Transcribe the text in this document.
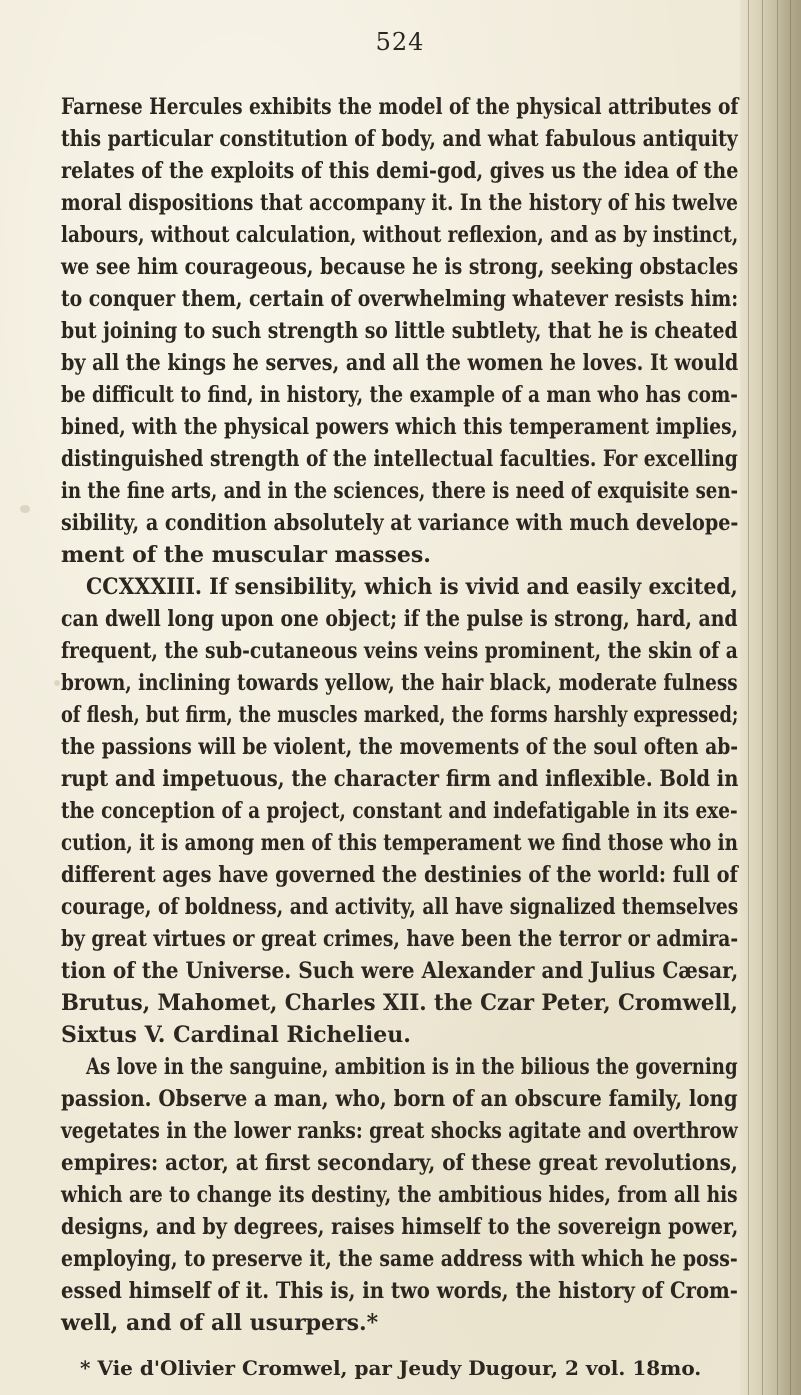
524
Farnese Hercules exhibits the model of the physical attributes of
this particular constitution of body, and what fabulous antiquity
relates of the exploits of this demi-god, gives us the idea of the
moral dispositions that accompany it. In the history of his twelve
labours, without calculation, without reflexion, and as by instinct,
we see him courageous, because he is strong, seeking obstacles
to conquer them, certain of overwhelming whatever resists him:
but joining to such strength so little subtlety, that he is cheated
by all the kings he serves, and all the women he loves. It would
be difficult to find, in history, the example of a man who has com-
bined, with the physical powers which this temperament implies,
distinguished strength of the intellectual faculties. For excelling
in the fine arts, and in the sciences, there is need of exquisite sen-
sibility, a condition absolutely at variance with much develope-
ment of the muscular masses.
CCXXXIII. If sensibility, which is vivid and easily excited,
can dwell long upon one object; if the pulse is strong, hard, and
frequent, the sub-cutaneous veins veins prominent, the skin of a
brown, inclining towards yellow, the hair black, moderate fulness
of flesh, but firm, the muscles marked, the forms harshly expressed;
the passions will be violent, the movements of the soul often ab-
rupt and impetuous, the character firm and inflexible. Bold in
the conception of a project, constant and indefatigable in its exe-
cution, it is among men of this temperament we find those who in
different ages have governed the destinies of the world: full of
courage, of boldness, and activity, all have signalized themselves
by great virtues or great crimes, have been the terror or admira-
tion of the Universe. Such were Alexander and Julius Cæsar,
Brutus, Mahomet, Charles XII. the Czar Peter, Cromwell,
Sixtus V. Cardinal Richelieu.
As love in the sanguine, ambition is in the bilious the governing
passion. Observe a man, who, born of an obscure family, long
vegetates in the lower ranks: great shocks agitate and overthrow
empires: actor, at first secondary, of these great revolutions,
which are to change its destiny, the ambitious hides, from all his
designs, and by degrees, raises himself to the sovereign power,
employing, to preserve it, the same address with which he poss-
essed himself of it. This is, in two words, the history of Crom-
well, and of all usurpers.*
* Vie d'Olivier Cromwel, par Jeudy Dugour, 2 vol. 18mo.
